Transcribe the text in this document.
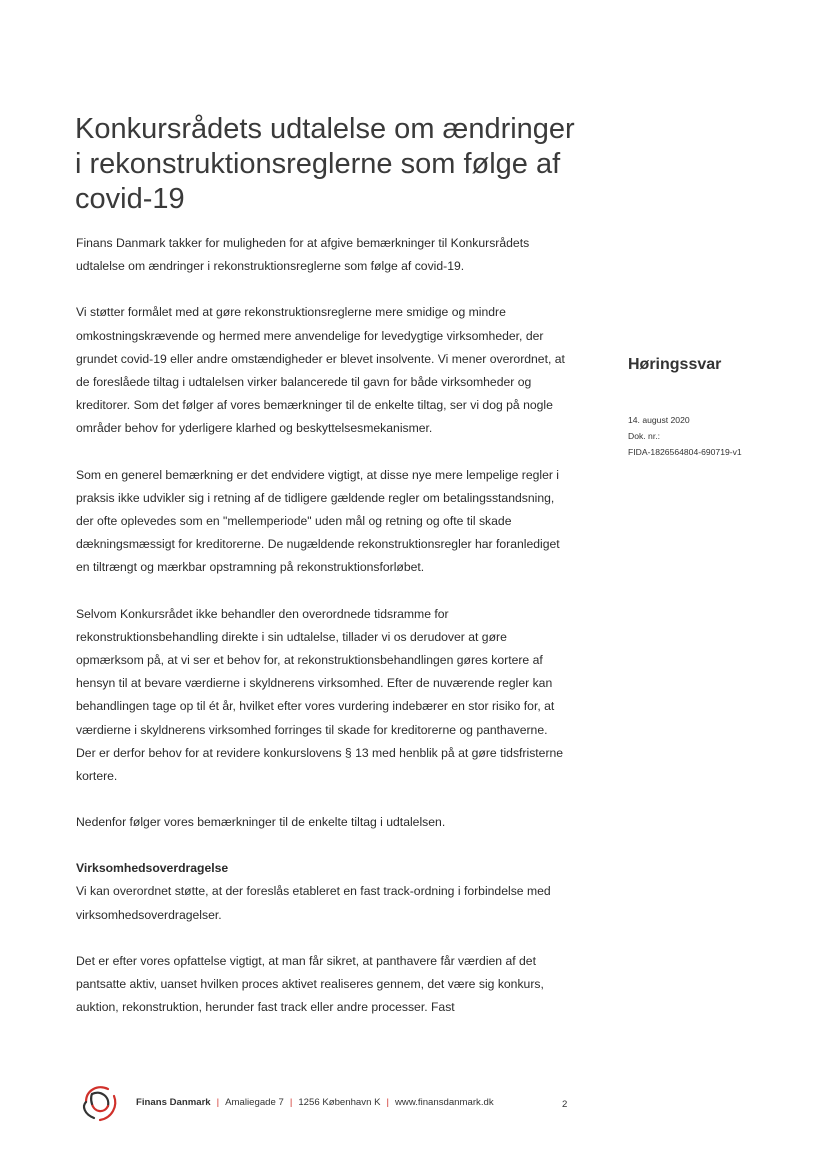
Konkursrådets udtalelse om ændringer i rekonstruktionsreglerne som følge af covid-19

Finans Danmark takker for muligheden for at afgive bemærkninger til Konkursrådets udtalelse om ændringer i rekonstruktionsreglerne som følge af covid-19.

Vi støtter formålet med at gøre rekonstruktionsreglerne mere smidige og mindre omkostningskrævende og hermed mere anvendelige for levedygtige virksomheder, der grundet covid-19 eller andre omstændigheder er blevet insolvente. Vi mener overordnet, at de foreslåede tiltag i udtalelsen virker balancerede til gavn for både virksomheder og kreditorer. Som det følger af vores bemærkninger til de enkelte tiltag, ser vi dog på nogle områder behov for yderligere klarhed og beskyttelsesmekanismer.

Som en generel bemærkning er det endvidere vigtigt, at disse nye mere lempelige regler i praksis ikke udvikler sig i retning af de tidligere gældende regler om betalingsstandsning, der ofte oplevedes som en "mellemperiode" uden mål og retning og ofte til skade dækningsmæssigt for kreditorerne. De nugældende rekonstruktionsregler har foranlediget en tiltrængt og mærkbar opstramning på rekonstruktionsforløbet.

Selvom Konkursrådet ikke behandler den overordnede tidsramme for rekonstruktionsbehandling direkte i sin udtalelse, tillader vi os derudover at gøre opmærksom på, at vi ser et behov for, at rekonstruktionsbehandlingen gøres kortere af hensyn til at bevare værdierne i skyldnerens virksomhed. Efter de nuværende regler kan behandlingen tage op til ét år, hvilket efter vores vurdering indebærer en stor risiko for, at værdierne i skyldnerens virksomhed forringes til skade for kreditorerne og panthaverne. Der er derfor behov for at revidere konkurslovens § 13 med henblik på at gøre tidsfristerne kortere.

Nedenfor følger vores bemærkninger til de enkelte tiltag i udtalelsen.

Virksomhedsoverdragelse

Vi kan overordnet støtte, at der foreslås etableret en fast track-ordning i forbindelse med virksomhedsoverdragelser.

Det er efter vores opfattelse vigtigt, at man får sikret, at panthavere får værdien af det pantsatte aktiv, uanset hvilken proces aktivet realiseres gennem, det være sig konkurs, auktion, rekonstruktion, herunder fast track eller andre processer. Fast

Høringssvar

14. august 2020

Dok. nr.:

FIDA-1826564804-690719-v1

Finans Danmark | Amaliegade 7 | 1256 København K | www.finansdanmark.dk	2
